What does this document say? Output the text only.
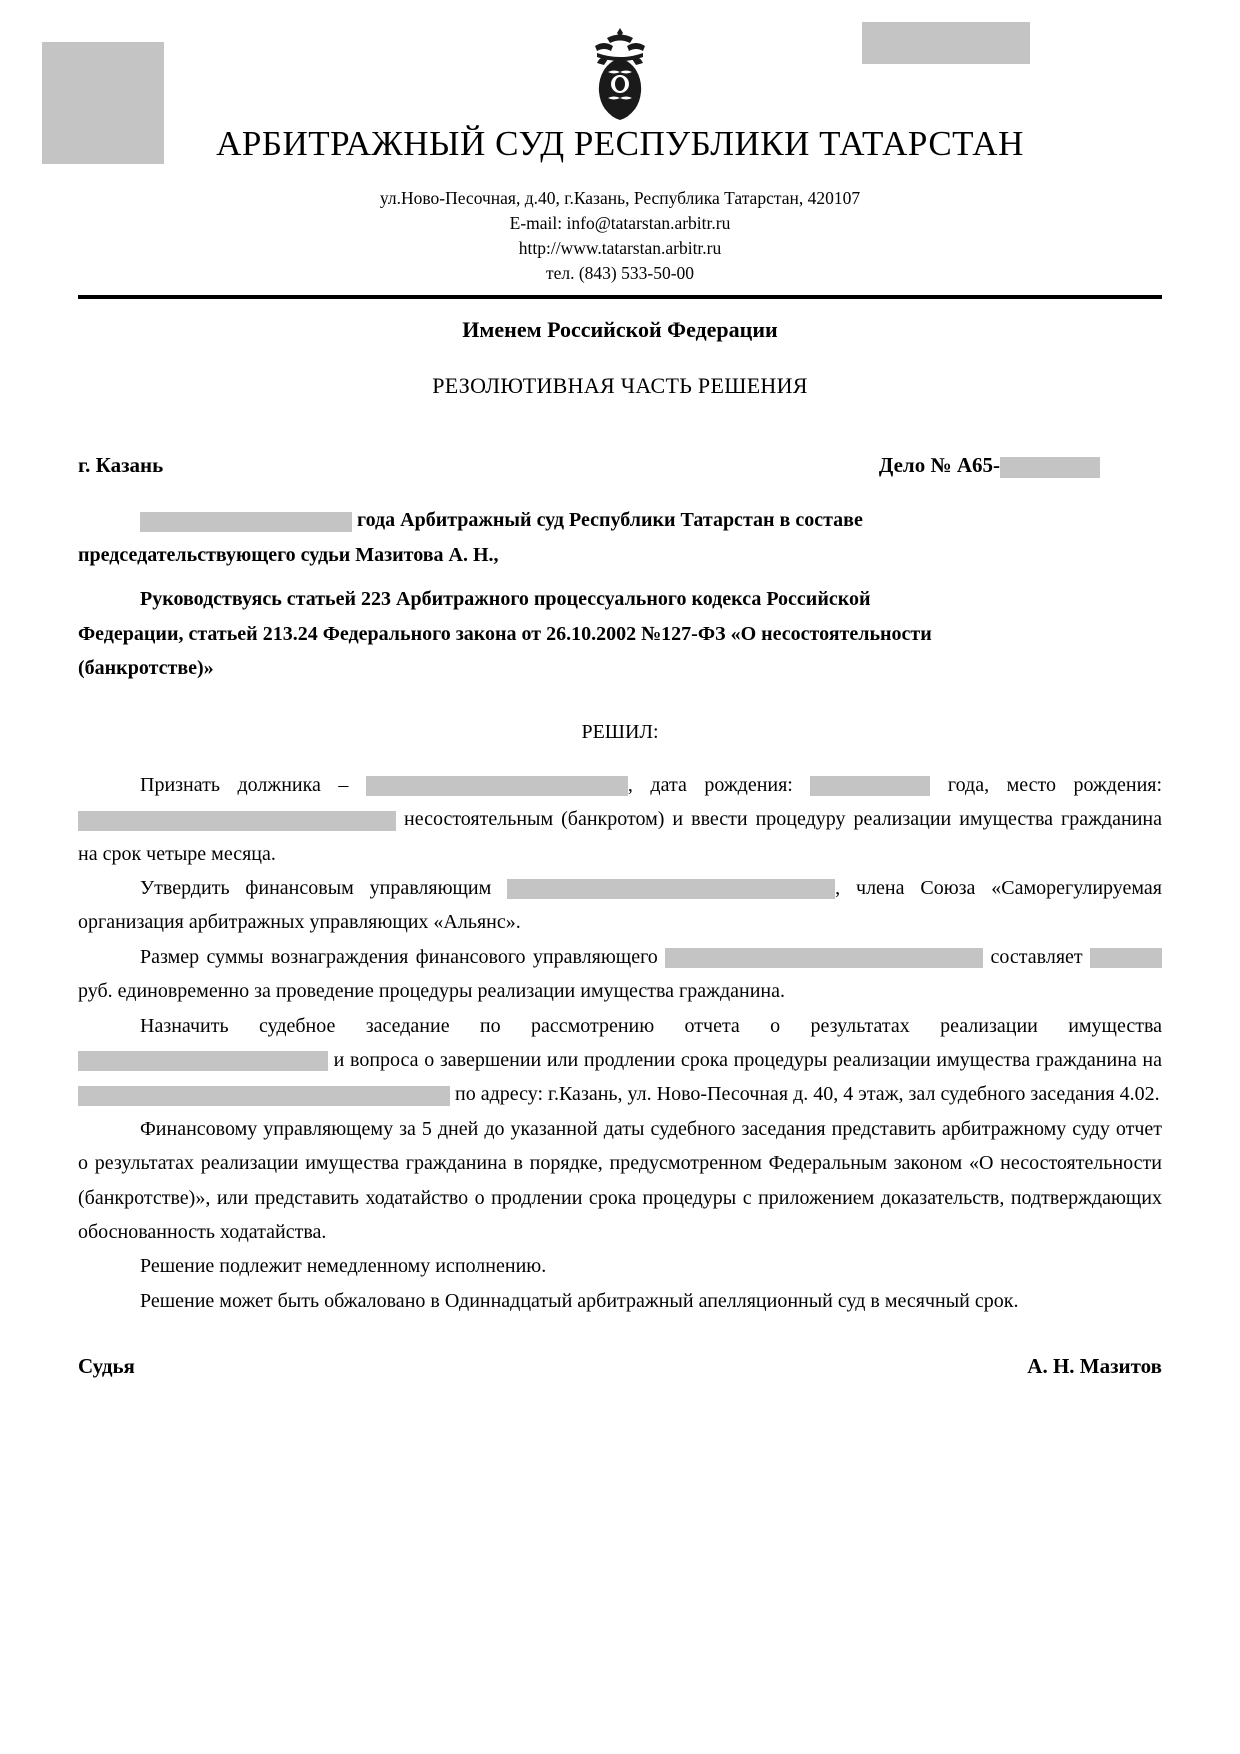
АРБИТРАЖНЫЙ СУД РЕСПУБЛИКИ ТАТАРСТАН
ул.Ново-Песочная, д.40, г.Казань, Республика Татарстан, 420107
E-mail: info@tatarstan.arbitr.ru
http://www.tatarstan.arbitr.ru
тел. (843) 533-50-00
Именем Российской Федерации
РЕЗОЛЮТИВНАЯ ЧАСТЬ РЕШЕНИЯ
г. Казань	Дело № А65-

года Арбитражный суд Республики Татарстан в составе

председательствующего судьи Мазитова А. Н.,

Руководствуясь статьей 223 Арбитражного процессуального кодекса Российской

Федерации, статьей 213.24 Федерального закона от 26.10.2002 №127-ФЗ «О несостоятельности

(банкротстве)»

РЕШИЛ:

Признать должника –	, дата рождения:	года, место рождения:  несостоятельным (банкротом) и ввести процедуру реализации имущества гражданина на срок четыре месяца.

Утвердить финансовым управляющим	, члена Союза «Саморегулируемая организация арбитражных управляющих «Альянс».

Размер суммы вознаграждения финансового управляющего	составляет  руб. единовременно за проведение процедуры реализации имущества гражданина.

Назначить судебное заседание по рассмотрению отчета о результатах реализации имущества  и вопроса о завершении или продлении срока процедуры реализации имущества гражданина на  по адресу: г.Казань, ул. Ново-Песочная д. 40, 4 этаж, зал судебного заседания 4.02.

Финансовому управляющему за 5 дней до указанной даты судебного заседания представить арбитражному суду отчет о результатах реализации имущества гражданина в порядке, предусмотренном Федеральным законом «О несостоятельности (банкротстве)», или представить ходатайство о продлении срока процедуры с приложением доказательств, подтверждающих обоснованность ходатайства.

Решение подлежит немедленному исполнению.

Решение может быть обжаловано в Одиннадцатый арбитражный апелляционный суд в месячный срок.

Судья	А. Н. Мазитов
